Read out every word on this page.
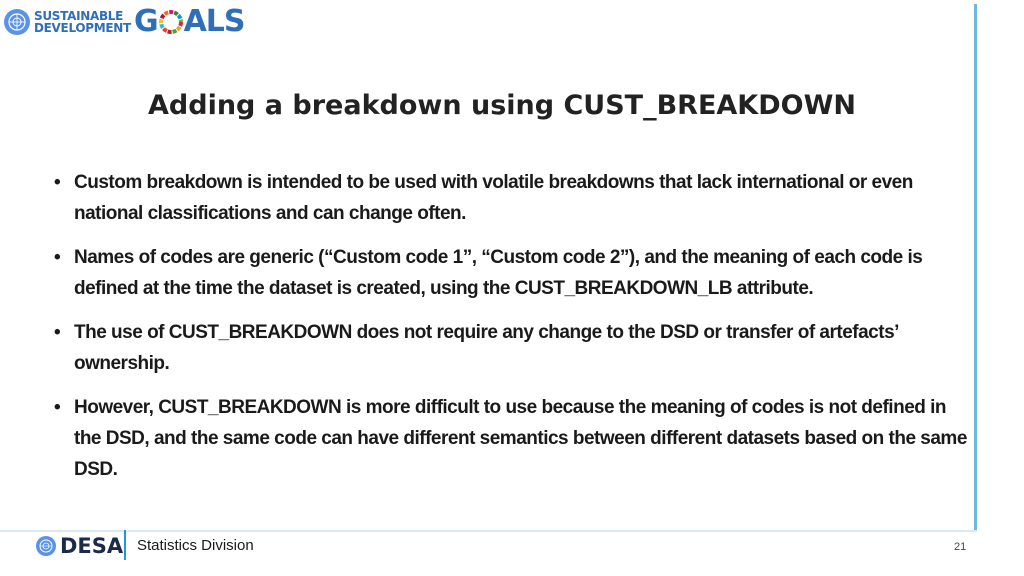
SUSTAINABLE
DEVELOPMENT G ALS
Adding a breakdown using CUST_BREAKDOWN
• Custom breakdown is intended to be used with volatile breakdowns that lack international or even national classifications and can change often.
• Names of codes are generic (“Custom code 1”, “Custom code 2”), and the meaning of each code is defined at the time the dataset is created, using the CUST_BREAKDOWN_LB attribute.
• The use of CUST_BREAKDOWN does not require any change to the DSD or transfer of artefacts’ ownership.
• However, CUST_BREAKDOWN is more difficult to use because the meaning of codes is not defined in the DSD, and the same code can have different semantics between different datasets based on the same DSD.
DESA Statistics Division	21
